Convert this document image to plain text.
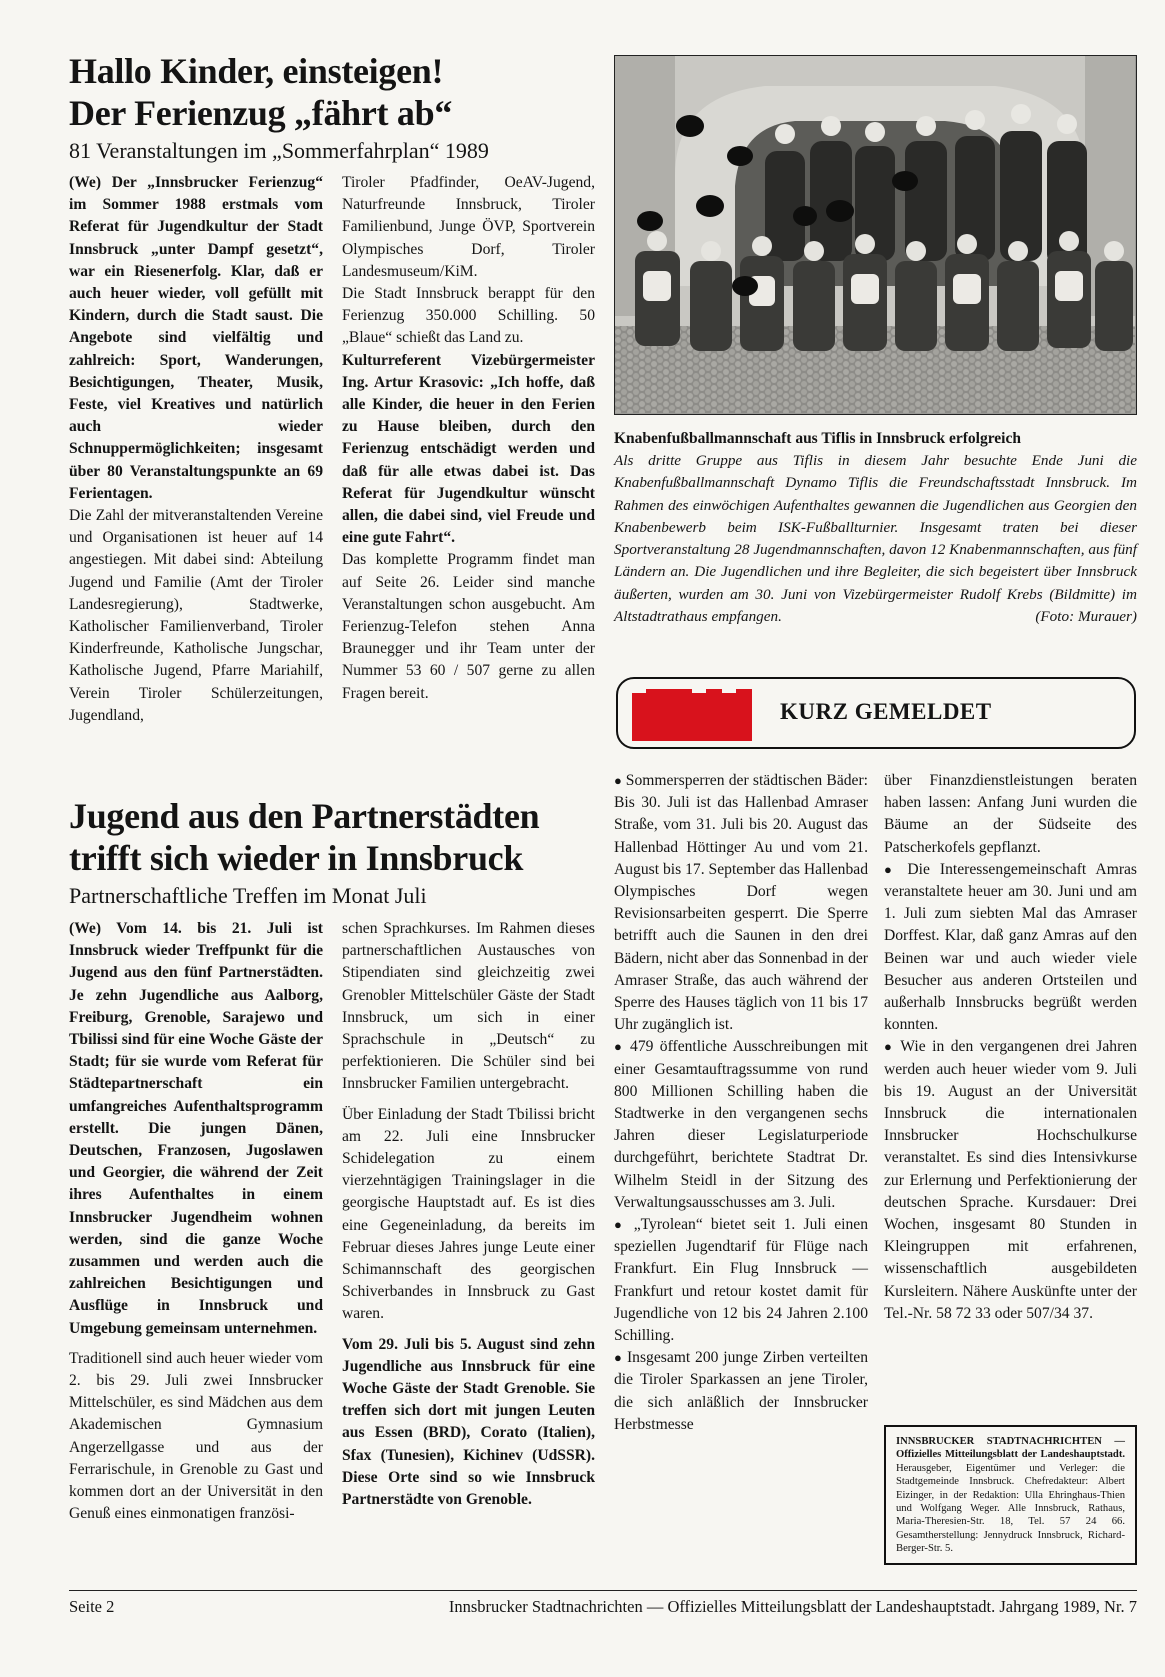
Hallo Kinder, einsteigen!
Der Ferienzug „fährt ab“

81 Veranstaltungen im „Sommerfahrplan“ 1989

(We) Der „Innsbrucker Ferienzug“ im Sommer 1988 erstmals vom Referat für Jugendkultur der Stadt Innsbruck „unter Dampf gesetzt“, war ein Riesenerfolg. Klar, daß er auch heuer wieder, voll gefüllt mit Kindern, durch die Stadt saust. Die Angebote sind vielfältig und zahlreich: Sport, Wanderungen, Besichtigungen, Theater, Musik, Feste, viel Kreatives und natürlich auch wieder Schnuppermöglichkeiten; insgesamt über 80 Veranstaltungspunkte an 69 Ferientagen.

Die Zahl der mitveranstaltenden Vereine und Organisationen ist heuer auf 14 angestiegen. Mit dabei sind: Abteilung Jugend und Familie (Amt der Tiroler Landesregierung), Stadtwerke, Katholischer Familienverband, Tiroler Kinderfreunde, Katholische Jungschar, Katholische Jugend, Pfarre Mariahilf, Verein Tiroler Schülerzeitungen, Jugendland,

Tiroler Pfadfinder, OeAV-Jugend, Naturfreunde Innsbruck, Tiroler Familienbund, Junge ÖVP, Sportverein Olympisches Dorf, Tiroler Landesmuseum/KiM.

Die Stadt Innsbruck berappt für den Ferienzug 350.000 Schilling. 50 „Blaue“ schießt das Land zu.

Kulturreferent Vizebürgermeister Ing. Artur Krasovic: „Ich hoffe, daß alle Kinder, die heuer in den Ferien zu Hause bleiben, durch den Ferienzug entschädigt werden und daß für alle etwas dabei ist. Das Referat für Jugendkultur wünscht allen, die dabei sind, viel Freude und eine gute Fahrt“.

Das komplette Programm findet man auf Seite 26. Leider sind manche Veranstaltungen schon ausgebucht. Am Ferienzug-Telefon stehen Anna Braunegger und ihr Team unter der Nummer 53 60 / 507 gerne zu allen Fragen bereit.

Knabenfußballmannschaft aus Tiflis in Innsbruck erfolgreich
Als dritte Gruppe aus Tiflis in diesem Jahr besuchte Ende Juni die Knabenfußballmannschaft Dynamo Tiflis die Freundschaftsstadt Innsbruck. Im Rahmen des einwöchigen Aufenthaltes gewannen die Jugendlichen aus Georgien den Knabenbewerb beim ISK-Fußballturnier. Insgesamt traten bei dieser Sportveranstaltung 28 Jugendmannschaften, davon 12 Knabenmannschaften, aus fünf Ländern an. Die Jugendlichen und ihre Begleiter, die sich begeistert über Innsbruck äußerten, wurden am 30. Juni von Vizebürgermeister Rudolf Krebs (Bildmitte) im Altstadtrathaus empfangen.	(Foto: Murauer)
KURZ GEMELDET

● Sommersperren der städtischen Bäder: Bis 30. Juli ist das Hallenbad Amraser Straße, vom 31. Juli bis 20. August das Hallenbad Höttinger Au und vom 21. August bis 17. September das Hallenbad Olympisches Dorf wegen Revisionsarbeiten gesperrt. Die Sperre betrifft auch die Saunen in den drei Bädern, nicht aber das Sonnenbad in der Amraser Straße, das auch während der Sperre des Hauses täglich von 11 bis 17 Uhr zugänglich ist.

● 479 öffentliche Ausschreibungen mit einer Gesamtauftragssumme von rund 800 Millionen Schilling haben die Stadtwerke in den vergangenen sechs Jahren dieser Legislaturperiode durchgeführt, berichtete Stadtrat Dr. Wilhelm Steidl in der Sitzung des Verwaltungsausschusses am 3. Juli.

● „Tyrolean“ bietet seit 1. Juli einen speziellen Jugendtarif für Flüge nach Frankfurt. Ein Flug Innsbruck — Frankfurt und retour kostet damit für Jugendliche von 12 bis 24 Jahren 2.100 Schilling.

● Insgesamt 200 junge Zirben verteilten die Tiroler Sparkassen an jene Tiroler, die sich anläßlich der Innsbrucker Herbstmesse

über Finanzdienstleistungen beraten haben lassen: Anfang Juni wurden die Bäume an der Südseite des Patscherkofels gepflanzt.

● Die Interessengemeinschaft Amras veranstaltete heuer am 30. Juni und am 1. Juli zum siebten Mal das Amraser Dorffest. Klar, daß ganz Amras auf den Beinen war und auch wieder viele Besucher aus anderen Ortsteilen und außerhalb Innsbrucks begrüßt werden konnten.

● Wie in den vergangenen drei Jahren werden auch heuer wieder vom 9. Juli bis 19. August an der Universität Innsbruck die internationalen Innsbrucker Hochschulkurse veranstaltet. Es sind dies Intensivkurse zur Erlernung und Perfektionierung der deutschen Sprache. Kursdauer: Drei Wochen, insgesamt 80 Stunden in Kleingruppen mit erfahrenen, wissenschaftlich ausgebildeten Kursleitern. Nähere Auskünfte unter der Tel.-Nr. 58 72 33 oder 507/34 37.

Jugend aus den Partnerstädten
trifft sich wieder in Innsbruck

Partnerschaftliche Treffen im Monat Juli

(We) Vom 14. bis 21. Juli ist Innsbruck wieder Treffpunkt für die Jugend aus den fünf Partnerstädten. Je zehn Jugendliche aus Aalborg, Freiburg, Grenoble, Sarajewo und Tbilissi sind für eine Woche Gäste der Stadt; für sie wurde vom Referat für Städtepartnerschaft ein umfangreiches Aufenthaltsprogramm erstellt. Die jungen Dänen, Deutschen, Franzosen, Jugoslawen und Georgier, die während der Zeit ihres Aufenthaltes in einem Innsbrucker Jugendheim wohnen werden, sind die ganze Woche zusammen und werden auch die zahlreichen Besichtigungen und Ausflüge in Innsbruck und Umgebung gemeinsam unternehmen.

Traditionell sind auch heuer wieder vom 2. bis 29. Juli zwei Innsbrucker Mittelschüler, es sind Mädchen aus dem Akademischen Gymnasium Angerzellgasse und aus der Ferrarischule, in Grenoble zu Gast und kommen dort an der Universität in den Genuß eines einmonatigen französi-

schen Sprachkurses. Im Rahmen dieses partnerschaftlichen Austausches von Stipendiaten sind gleichzeitig zwei Grenobler Mittelschüler Gäste der Stadt Innsbruck, um sich in einer Sprachschule in „Deutsch“ zu perfektionieren. Die Schüler sind bei Innsbrucker Familien untergebracht.

Über Einladung der Stadt Tbilissi bricht am 22. Juli eine Innsbrucker Schidelegation zu einem vierzehntägigen Trainingslager in die georgische Hauptstadt auf. Es ist dies eine Gegeneinladung, da bereits im Februar dieses Jahres junge Leute einer Schimannschaft des georgischen Schiverbandes in Innsbruck zu Gast waren.

Vom 29. Juli bis 5. August sind zehn Jugendliche aus Innsbruck für eine Woche Gäste der Stadt Grenoble. Sie treffen sich dort mit jungen Leuten aus Essen (BRD), Corato (Italien), Sfax (Tunesien), Kichinev (UdSSR). Diese Orte sind so wie Innsbruck Partnerstädte von Grenoble.

INNSBRUCKER STADTNACHRICHTEN — Offizielles Mitteilungsblatt der Landeshauptstadt. Herausgeber, Eigentümer und Verleger: die Stadtgemeinde Innsbruck. Chefredakteur: Albert Eizinger, in der Redaktion: Ulla Ehringhaus-Thien und Wolfgang Weger. Alle Innsbruck, Rathaus, Maria-Theresien-Str. 18, Tel. 57 24 66. Gesamtherstellung: Jennydruck Innsbruck, Richard-Berger-Str. 5.
Seite 2	Innsbrucker Stadtnachrichten — Offizielles Mitteilungsblatt der Landeshauptstadt. Jahrgang 1989, Nr. 7
